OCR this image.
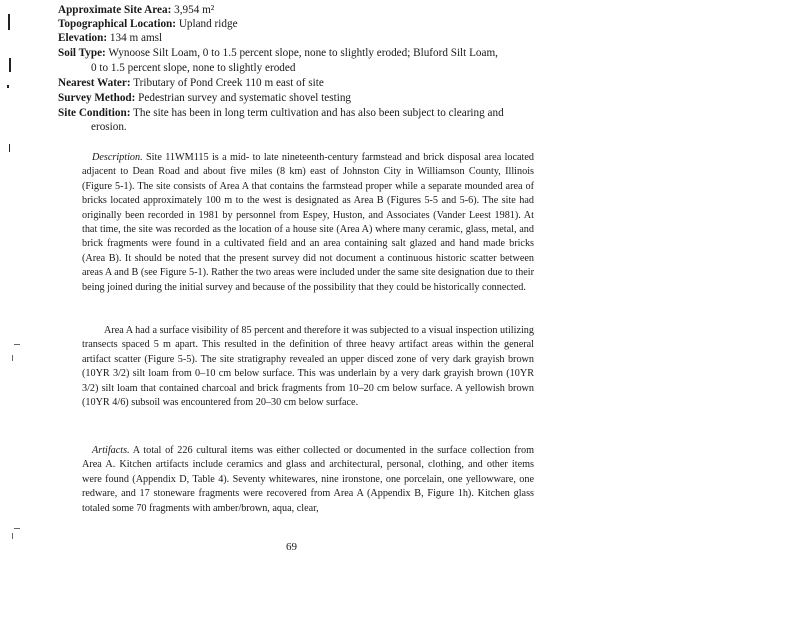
Approximate Site Area: 3,954 m²
Topographical Location: Upland ridge
Elevation: 134 m amsl
Soil Type: Wynoose Silt Loam, 0 to 1.5 percent slope, none to slightly eroded; Bluford Silt Loam,
0 to 1.5 percent slope, none to slightly eroded
Nearest Water: Tributary of Pond Creek 110 m east of site
Survey Method: Pedestrian survey and systematic shovel testing
Site Condition: The site has been in long term cultivation and has also been subject to clearing and
erosion.
Description. Site 11WM115 is a mid- to late nineteenth-century farmstead and brick disposal area located adjacent to Dean Road and about five miles (8 km) east of Johnston City in Williamson County, Illinois (Figure 5-1). The site consists of Area A that contains the farmstead proper while a separate mounded area of bricks located approximately 100 m to the west is designated as Area B (Figures 5-5 and 5-6). The site had originally been recorded in 1981 by personnel from Espey, Huston, and Associates (Vander Leest 1981). At that time, the site was recorded as the location of a house site (Area A) where many ceramic, glass, metal, and brick fragments were found in a cultivated field and an area containing salt glazed and hand made bricks (Area B). It should be noted that the present survey did not document a continuous historic scatter between areas A and B (see Figure 5-1). Rather the two areas were included under the same site designation due to their being joined during the initial survey and because of the possibility that they could be historically connected.
Area A had a surface visibility of 85 percent and therefore it was subjected to a visual inspection utilizing transects spaced 5 m apart. This resulted in the definition of three heavy artifact areas within the general artifact scatter (Figure 5-5). The site stratigraphy revealed an upper disced zone of very dark grayish brown (10YR 3/2) silt loam from 0–10 cm below surface. This was underlain by a very dark grayish brown (10YR 3/2) silt loam that contained charcoal and brick fragments from 10–20 cm below surface. A yellowish brown (10YR 4/6) subsoil was encountered from 20–30 cm below surface.
Artifacts. A total of 226 cultural items was either collected or documented in the surface collection from Area A. Kitchen artifacts include ceramics and glass and architectural, personal, clothing, and other items were found (Appendix D, Table 4). Seventy whitewares, nine ironstone, one porcelain, one yellowware, one redware, and 17 stoneware fragments were recovered from Area A (Appendix B, Figure 1h). Kitchen glass totaled some 70 fragments with amber/brown, aqua, clear,
69
